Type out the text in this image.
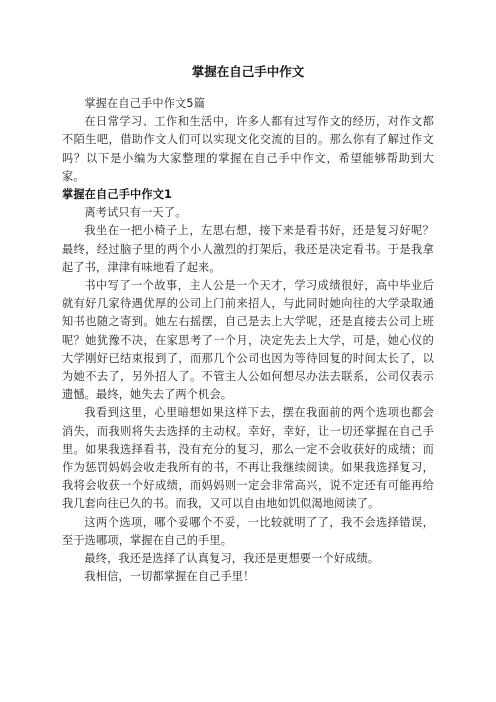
掌握在自己手中作文

掌握在自己手中作文5篇

在日常学习、工作和生活中，许多人都有过写作文的经历，对作文都不陌生吧，借助作文人们可以实现文化交流的目的。那么你有了解过作文吗？以下是小编为大家整理的掌握在自己手中作文，希望能够帮助到大家。

掌握在自己手中作文1

离考试只有一天了。

我坐在一把小椅子上，左思右想，接下来是看书好，还是复习好呢？最终，经过脑子里的两个小人激烈的打架后，我还是决定看书。于是我拿起了书，津津有味地看了起来。

书中写了一个故事，主人公是一个天才，学习成绩很好，高中毕业后就有好几家待遇优厚的公司上门前来招人，与此同时她向往的大学录取通知书也随之寄到。她左右摇摆，自己是去上大学呢，还是直接去公司上班呢？她犹豫不决，在家思考了一个月，决定先去上大学，可是，她心仪的大学刚好已结束报到了，而那几个公司也因为等待回复的时间太长了，以为她不去了，另外招人了。不管主人公如何想尽办法去联系，公司仅表示遗憾。最终，她失去了两个机会。

我看到这里，心里暗想如果这样下去，摆在我面前的两个选项也都会消失，而我则将失去选择的主动权。幸好，幸好，让一切还掌握在自己手里。如果我选择看书，没有充分的复习，那么一定不会收获好的成绩；而作为惩罚妈妈会收走我所有的书，不再让我继续阅读。如果我选择复习，我将会收获一个好成绩，而妈妈则一定会非常高兴，说不定还有可能再给我几套向往已久的书。而我，又可以自由地如饥似渴地阅读了。

这两个选项，哪个妥哪个不妥，一比较就明了了，我不会选择错误，至于选哪项，掌握在自己的手里。

最终，我还是选择了认真复习，我还是更想要一个好成绩。

我相信，一切都掌握在自己手里！
